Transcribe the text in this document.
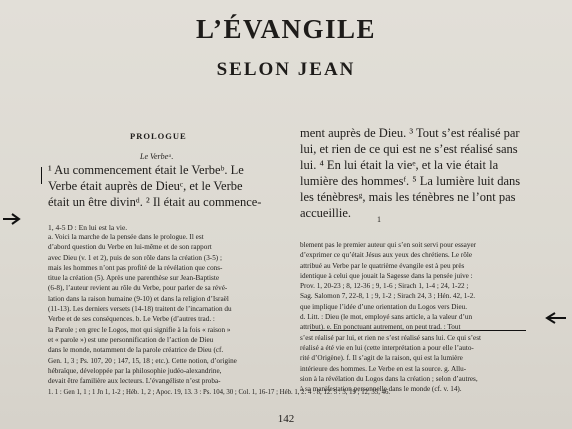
L’ÉVANGILE
SELON JEAN
PROLOGUE
Le Verbeᵃ.
¹ Au commencement était le Verbeᵇ. Le
Verbe était auprès de Dieuᶜ, et le Verbe
était un être divinᵈ. ² Il était au commence-
ment auprès de Dieu. ³ Tout s’est réalisé par
lui, et rien de ce qui est ne s’est réalisé sans
lui. ⁴ En lui était la vieᵉ, et la vie était la
lumière des hommesᶠ. ⁵ La lumière luit dans
les ténèbresᵍ, mais les ténèbres ne l’ont pas
accueillie.
1, 4-5 D : En lui est la vie.
1
a. Voici la marche de la pensée dans le prologue. Il est
d’abord question du Verbe en lui-même et de son rapport
avec Dieu (v. 1 et 2), puis de son rôle dans la création (3-5) ;
mais les hommes n’ont pas profité de la révélation que cons-
titue la création (5). Après une parenthèse sur Jean-Baptiste
(6-8), l’auteur revient au rôle du Verbe, pour parler de sa révé-
lation dans la raison humaine (9-10) et dans la religion d’Israël
(11-13). Les derniers versets (14-18) traitent de l’incarnation du
Verbe et de ses conséquences. b. Le Verbe (d’autres trad. :
la Parole ; en grec le Logos, mot qui signifie à la fois « raison »
et « parole ») est une personnification de l’action de Dieu
dans le monde, notamment de la parole créatrice de Dieu (cf.
Gen. 1, 3 ; Ps. 107, 20 ; 147, 15, 18 ; etc.). Cette notion, d’origine
hébraïque, développée par la philosophie judéo-alexandrine,
devait être familière aux lecteurs. L’évangéliste n’est proba-
blement pas le premier auteur qui s’en soit servi pour essayer
d’exprimer ce qu’était Jésus aux yeux des chrétiens. Le rôle
attribué au Verbe par le quatrième évangile est à peu près
identique à celui que jouait la Sagesse dans la pensée juive :
Prov. 1, 20-23 ; 8, 12-36 ; 9, 1-6 ; Sirach 1, 1-4 ; 24, 1-22 ;
Sag. Salomon 7, 22-8, 1 ; 9, 1-2 ; Sirach 24, 3 ; Hén. 42, 1-2.
que implique l’idée d’une orientation du Logos vers Dieu.
d. Litt. : Dieu (le mot, employé sans article, a la valeur d’un
attribut). e. En ponctuant autrement, on peut trad. : Tout
s’est réalisé par lui, et rien ne s’est réalisé sans lui. Ce qui s’est
réalisé a été vie en lui (cette interprétation a pour elle l’auto-
rité d’Origène). f. Il s’agit de la raison, qui est la lumière
intérieure des hommes. Le Verbe en est la source. g. Allu-
sion à la révélation du Logos dans la création ; selon d’autres,
à sa manifestation personnelle dans le monde (cf. v. 14).
1. 1 : Gen 1, 1 ; 1 Jn 1, 1-2 ; Héb. 1, 2 ; Apoc. 19, 13. 3 : Ps. 104, 30 ; Col. 1, 16-17 ; Héb. 1, 2. 4 : 8, 12. 5 : 3, 19 ; 12, 35, 46.
142
